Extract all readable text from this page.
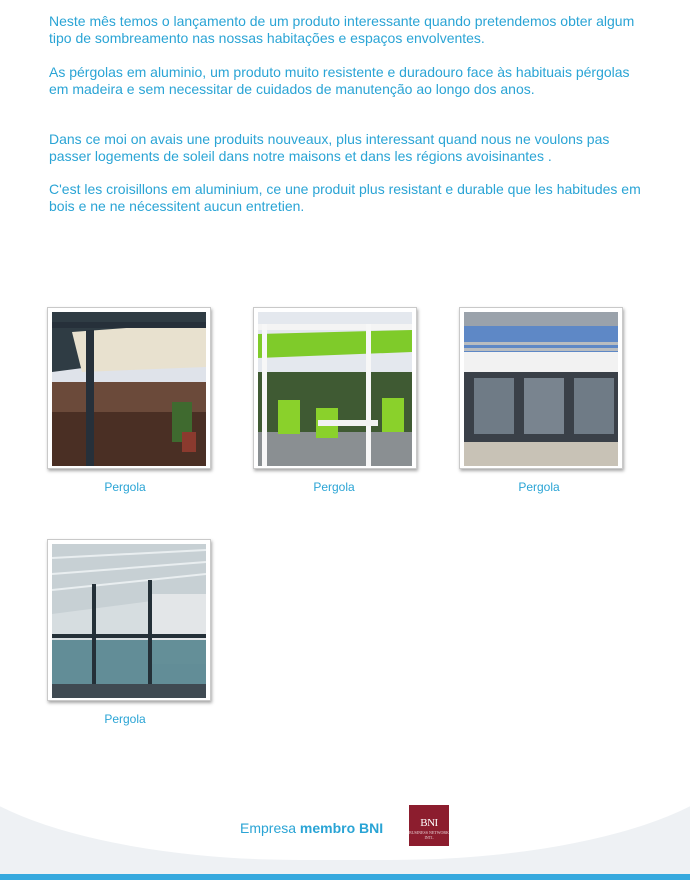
Neste mês temos o lançamento de um produto interessante quando pretendemos obter algum tipo de sombreamento nas nossas habitações e espaços envolventes.

As pérgolas em aluminio, um produto muito resistente e duradouro face às habituais pérgolas em madeira e sem necessitar de cuidados de manutenção ao longo dos anos.

Dans ce moi on avais une produits nouveaux, plus interessant quand nous ne voulons pas passer logements de soleil dans notre maisons et dans les régions avoisinantes .

C'est les croisillons em aluminium, ce une produit plus resistant e durable que les habitudes em bois e ne ne nécessitent aucun entretien.

Pergola	Pergola	Pergola
Pergola
Empresa membro BNI	BNI
BUSINESS NETWORK INTL
